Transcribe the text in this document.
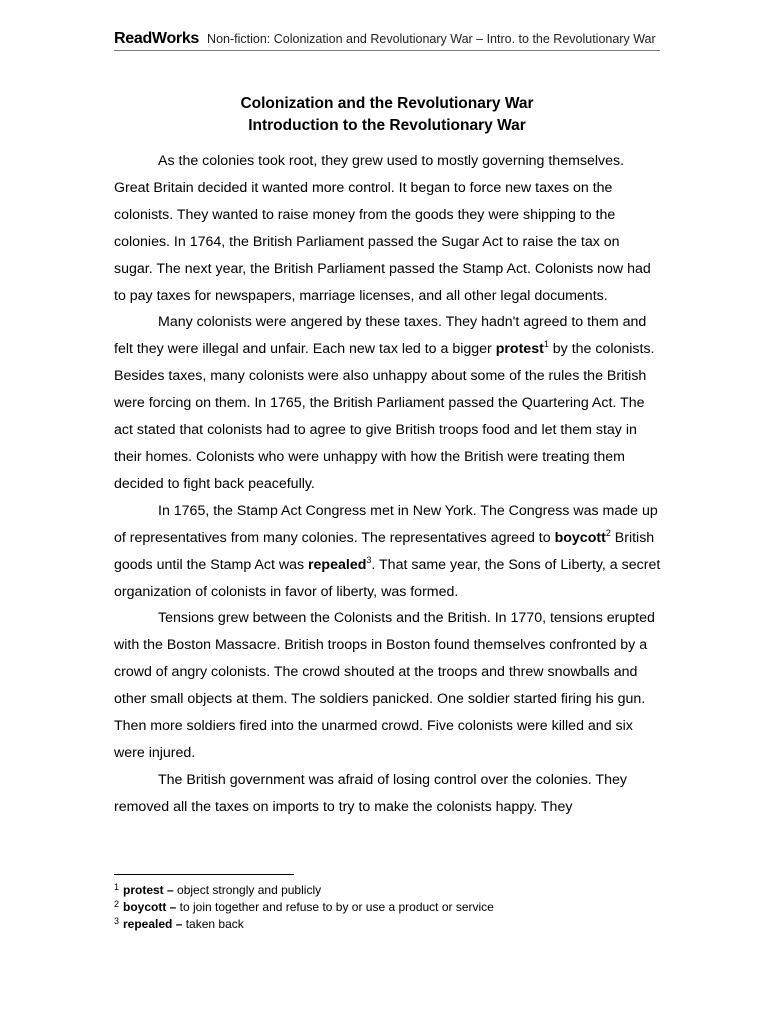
ReadWorks Non-fiction: Colonization and Revolutionary War – Intro. to the Revolutionary War
Colonization and the Revolutionary War
Introduction to the Revolutionary War

As the colonies took root, they grew used to mostly governing themselves. Great Britain decided it wanted more control. It began to force new taxes on the colonists. They wanted to raise money from the goods they were shipping to the colonies. In 1764, the British Parliament passed the Sugar Act to raise the tax on sugar. The next year, the British Parliament passed the Stamp Act. Colonists now had to pay taxes for newspapers, marriage licenses, and all other legal documents.

Many colonists were angered by these taxes. They hadn't agreed to them and felt they were illegal and unfair. Each new tax led to a bigger protest$^1$ by the colonists. Besides taxes, many colonists were also unhappy about some of the rules the British were forcing on them. In 1765, the British Parliament passed the Quartering Act. The act stated that colonists had to agree to give British troops food and let them stay in their homes. Colonists who were unhappy with how the British were treating them decided to fight back peacefully.

In 1765, the Stamp Act Congress met in New York. The Congress was made up of representatives from many colonies. The representatives agreed to boycott$^2$ British goods until the Stamp Act was repealed$^3$. That same year, the Sons of Liberty, a secret organization of colonists in favor of liberty, was formed.

Tensions grew between the Colonists and the British. In 1770, tensions erupted with the Boston Massacre. British troops in Boston found themselves confronted by a crowd of angry colonists. The crowd shouted at the troops and threw snowballs and other small objects at them. The soldiers panicked. One soldier started firing his gun. Then more soldiers fired into the unarmed crowd. Five colonists were killed and six were injured.

The British government was afraid of losing control over the colonies. They removed all the taxes on imports to try to make the colonists happy. They

1 protest – object strongly and publicly
2 boycott – to join together and refuse to by or use a product or service
3 repealed – taken back
